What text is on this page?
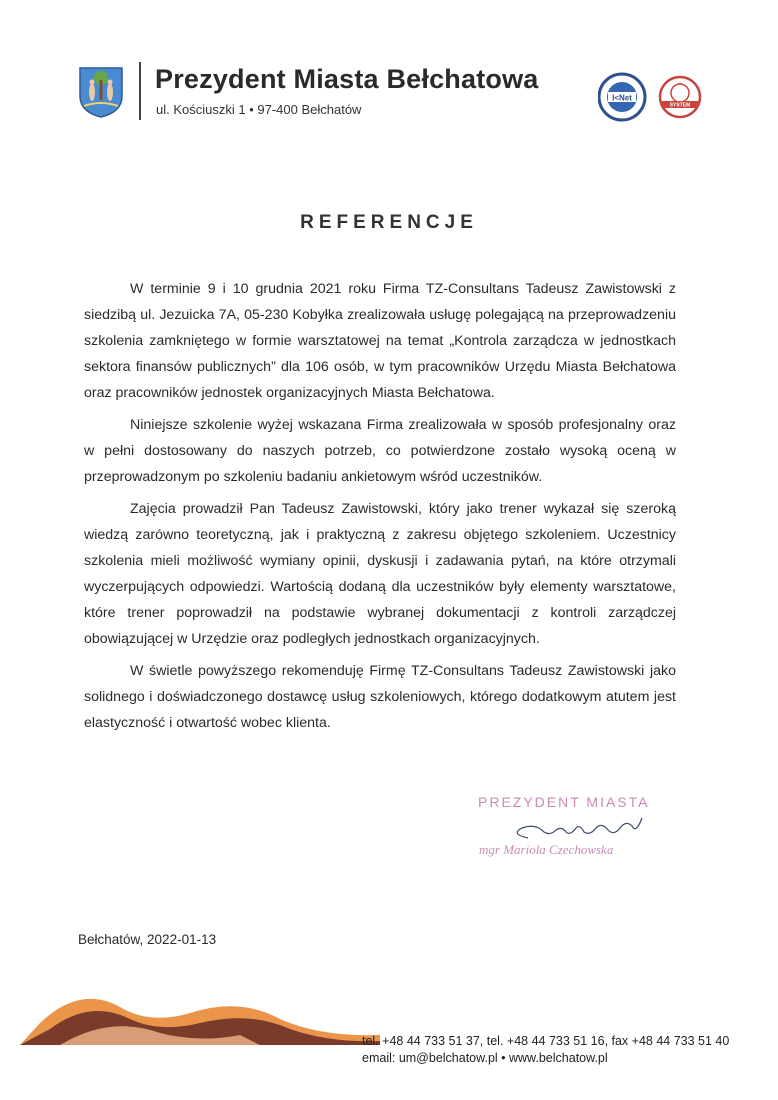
Prezydent Miasta Bełchatowa
ul. Kościuszki 1 • 97-400 Bełchatów
I<Net
SYSTEM
REFERENCJE

W terminie 9 i 10 grudnia 2021 roku Firma TZ-Consultans Tadeusz Zawistowski z siedzibą ul. Jezuicka 7A, 05-230 Kobyłka zrealizowała usługę polegającą na przeprowadzeniu szkolenia zamkniętego w formie warsztatowej na temat „Kontrola zarządcza w jednostkach sektora finansów publicznych” dla 106 osób, w tym pracowników Urzędu Miasta Bełchatowa oraz pracowników jednostek organizacyjnych Miasta Bełchatowa.

Niniejsze szkolenie wyżej wskazana Firma zrealizowała w sposób profesjonalny oraz w pełni dostosowany do naszych potrzeb, co potwierdzone zostało wysoką oceną w przeprowadzonym po szkoleniu badaniu ankietowym wśród uczestników.

Zajęcia prowadził Pan Tadeusz Zawistowski, który jako trener wykazał się szeroką wiedzą zarówno teoretyczną, jak i praktyczną z zakresu objętego szkoleniem. Uczestnicy szkolenia mieli możliwość wymiany opinii, dyskusji i zadawania pytań, na które otrzymali wyczerpujących odpowiedzi. Wartością dodaną dla uczestników były elementy warsztatowe, które trener poprowadził na podstawie wybranej dokumentacji z kontroli zarządczej obowiązującej w Urzędzie oraz podległych jednostkach organizacyjnych.

W świetle powyższego rekomenduję Firmę TZ-Consultans Tadeusz Zawistowski jako solidnego i doświadczonego dostawcę usług szkoleniowych, którego dodatkowym atutem jest elastyczność i otwartość wobec klienta.

PREZYDENT MIASTA
mgr Mariola Czechowska
Bełchatów, 2022-01-13
tel. +48 44 733 51 37, tel. +48 44 733 51 16, fax +48 44 733 51 40
email: um@belchatow.pl • www.belchatow.pl
